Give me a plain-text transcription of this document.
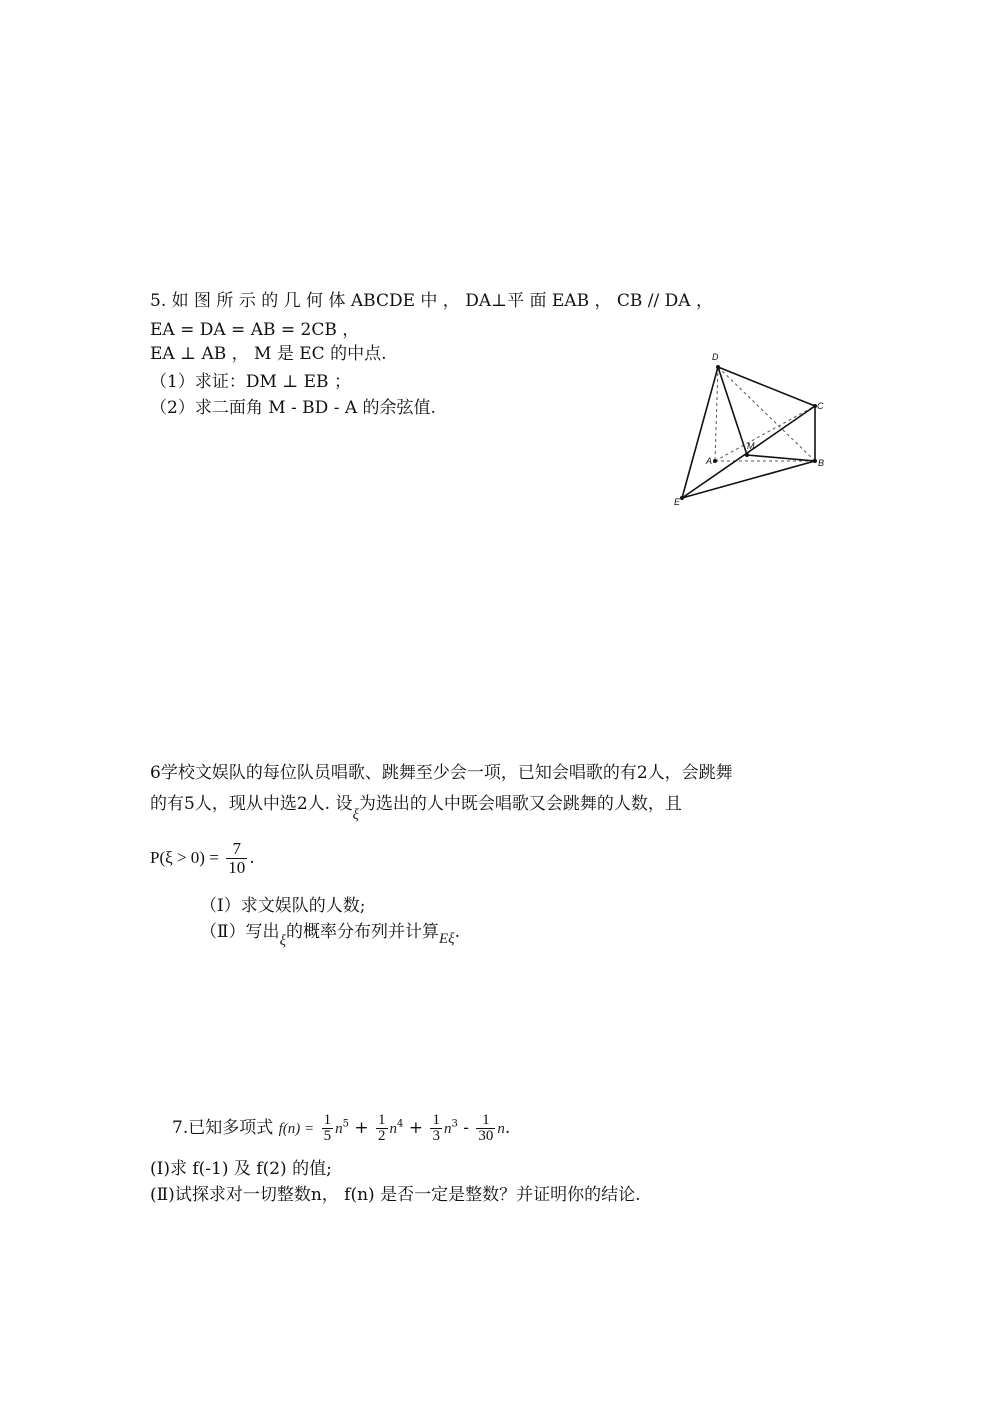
5. 如 图 所 示 的 几 何 体 ABCDE 中 ， DA⊥平 面 EAB ， CB // DA ，
EA = DA = AB = 2CB ，
EA ⊥ AB ， M 是 EC 的中点.
（1）求证：DM ⊥ EB ；
（2）求二面角 M - BD - A 的余弦值.
D
C
A
M
B
E
6学校文娱队的每位队员唱歌、跳舞至少会一项，已知会唱歌的有2人，会跳舞
的有5人，现从中选2人. 设ξ为选出的人中既会唱歌又会跳舞的人数，且
$P(\xi > 0) = \frac{7}{10}$ .
（Ⅰ）求文娱队的人数;
（Ⅱ）写出ξ的概率分布列并计算Eξ.
7.已知多项式 $f(n) = \frac{1}{5} n^5 + \frac{1}{2} n^4 + \frac{1}{3} n^3 - \frac{1}{30} n$.
(Ⅰ)求 f(-1) 及 f(2) 的值;
(Ⅱ)试探求对一切整数n， f(n) 是否一定是整数？并证明你的结论.
